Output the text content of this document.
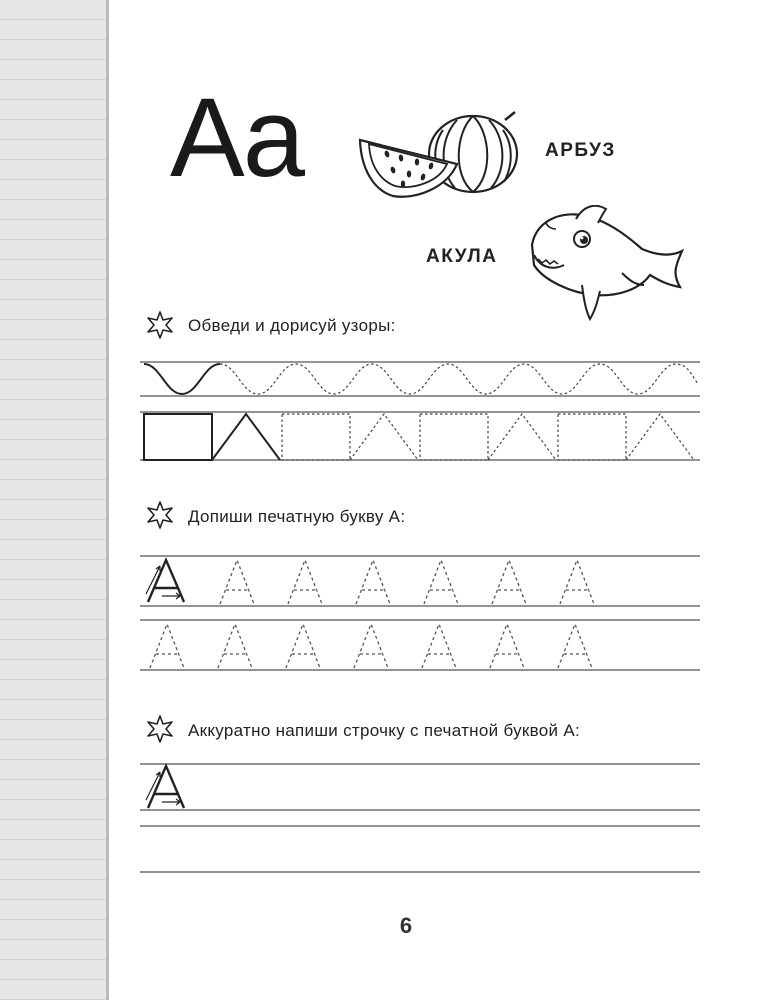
Aa	АРБУЗ
АКУЛА
Обведи и дорисуй узоры:
Допиши печатную букву А:
Аккуратно напиши строчку с печатной буквой А:
6
